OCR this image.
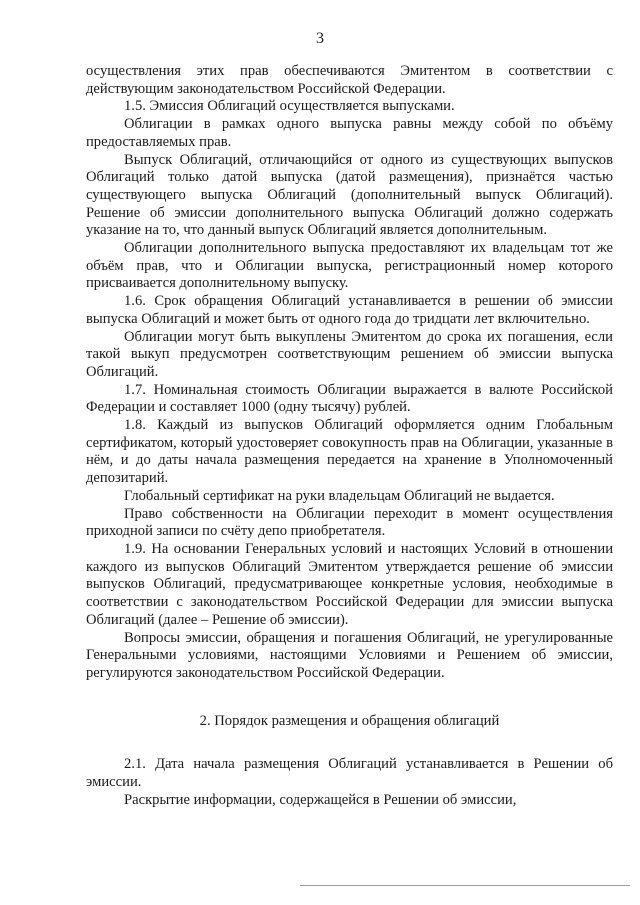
3

осуществления этих прав обеспечиваются Эмитентом в соответствии с действующим законодательством Российской Федерации.

1.5. Эмиссия Облигаций осуществляется выпусками.

Облигации в рамках одного выпуска равны между собой по объёму предоставляемых прав.

Выпуск Облигаций, отличающийся от одного из существующих выпусков Облигаций только датой выпуска (датой размещения), признаётся частью существующего выпуска Облигаций (дополнительный выпуск Облигаций). Решение об эмиссии дополнительного выпуска Облигаций должно содержать указание на то, что данный выпуск Облигаций является дополнительным.

Облигации дополнительного выпуска предоставляют их владельцам тот же объём прав, что и Облигации выпуска, регистрационный номер которого присваивается дополнительному выпуску.

1.6. Срок обращения Облигаций устанавливается в решении об эмиссии выпуска Облигаций и может быть от одного года до тридцати лет включительно.

Облигации могут быть выкуплены Эмитентом до срока их погашения, если такой выкуп предусмотрен соответствующим решением об эмиссии выпуска Облигаций.

1.7. Номинальная стоимость Облигации выражается в валюте Российской Федерации и составляет 1000 (одну тысячу) рублей.

1.8. Каждый из выпусков Облигаций оформляется одним Глобальным сертификатом, который удостоверяет совокупность прав на Облигации, указанные в нём, и до даты начала размещения передается на хранение в Уполномоченный депозитарий.

Глобальный сертификат на руки владельцам Облигаций не выдается.

Право собственности на Облигации переходит в момент осуществления приходной записи по счёту депо приобретателя.

1.9. На основании Генеральных условий и настоящих Условий в отношении каждого из выпусков Облигаций Эмитентом утверждается решение об эмиссии выпусков Облигаций, предусматривающее конкретные условия, необходимые в соответствии с законодательством Российской Федерации для эмиссии выпуска Облигаций (далее – Решение об эмиссии).

Вопросы эмиссии, обращения и погашения Облигаций, не урегулированные Генеральными условиями, настоящими Условиями и Решением об эмиссии, регулируются законодательством Российской Федерации.

2. Порядок размещения и обращения облигаций

2.1. Дата начала размещения Облигаций устанавливается в Решении об эмиссии.

Раскрытие информации, содержащейся в Решении об эмиссии,
